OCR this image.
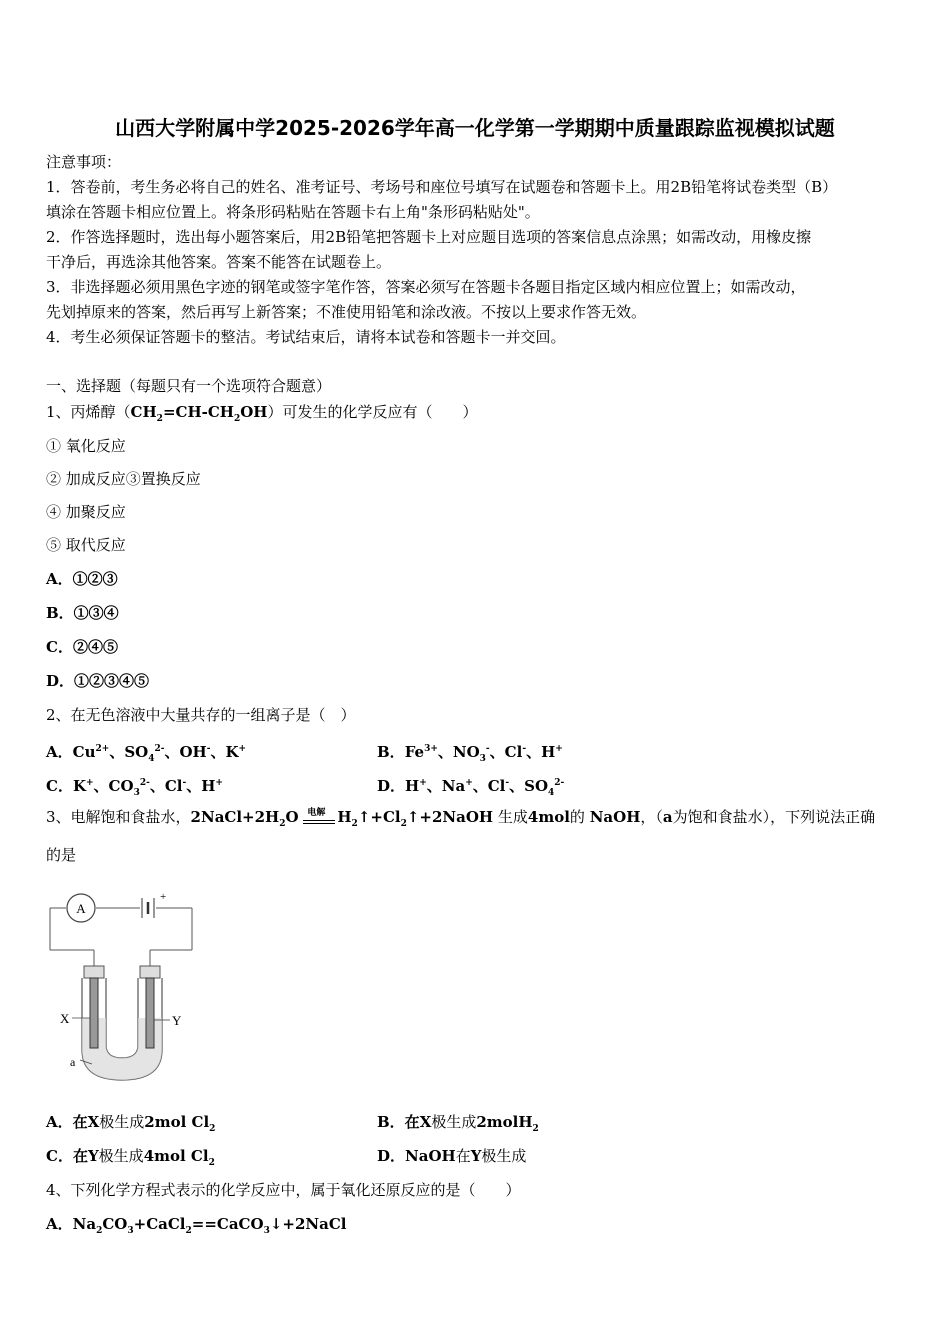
山西大学附属中学2025-2026学年高一化学第一学期期中质量跟踪监视模拟试题
注意事项：
1．答卷前，考生务必将自己的姓名、准考证号、考场号和座位号填写在试题卷和答题卡上。用2B铅笔将试卷类型（B）
填涂在答题卡相应位置上。将条形码粘贴在答题卡右上角"条形码粘贴处"。
2．作答选择题时，选出每小题答案后，用2B铅笔把答题卡上对应题目选项的答案信息点涂黑；如需改动，用橡皮擦
干净后，再选涂其他答案。答案不能答在试题卷上。
3．非选择题必须用黑色字迹的钢笔或签字笔作答，答案必须写在答题卡各题目指定区域内相应位置上；如需改动，
先划掉原来的答案，然后再写上新答案；不准使用铅笔和涂改液。不按以上要求作答无效。
4．考生必须保证答题卡的整洁。考试结束后，请将本试卷和答题卡一并交回。
一、选择题（每题只有一个选项符合题意）
1、丙烯醇$(CH_2=CH-CH_2OH)$可发生的化学反应有（　　）
① 氧化反应
② 加成反应③置换反应
④ 加聚反应
⑤ 取代反应
A．①②③
B．①③④
C．②④⑤
D．①②③④⑤
2、在无色溶液中大量共存的一组离子是（　）
A．$Cu^{2+}$、$SO_4^{2-}$、OH-、K+	B．$Fe^{3+}$、$NO_3^-$、Cl-、H+
C．K+、$CO_3^{2-}$、Cl-、H+	D．H+、Na+、Cl-、$SO_4^{2-}$
3、电解饱和食盐水，$2NaCl+2H_2O$ 电解 $H_2↑+Cl_2↑+2NaOH$ 生成4mol的 NaOH，（a为饱和食盐水），下列说法正确
的是
A
+
X	Y
a
A．在X极生成2mol $Cl_2$	B．在X极生成2molH$_2$
C．在Y极生成4mol $Cl_2$	D．NaOH在Y极生成
4、下列化学方程式表示的化学反应中，属于氧化还原反应的是（　　）
A．$Na_2CO_3+CaCl_2==CaCO_3↓+2NaCl$
